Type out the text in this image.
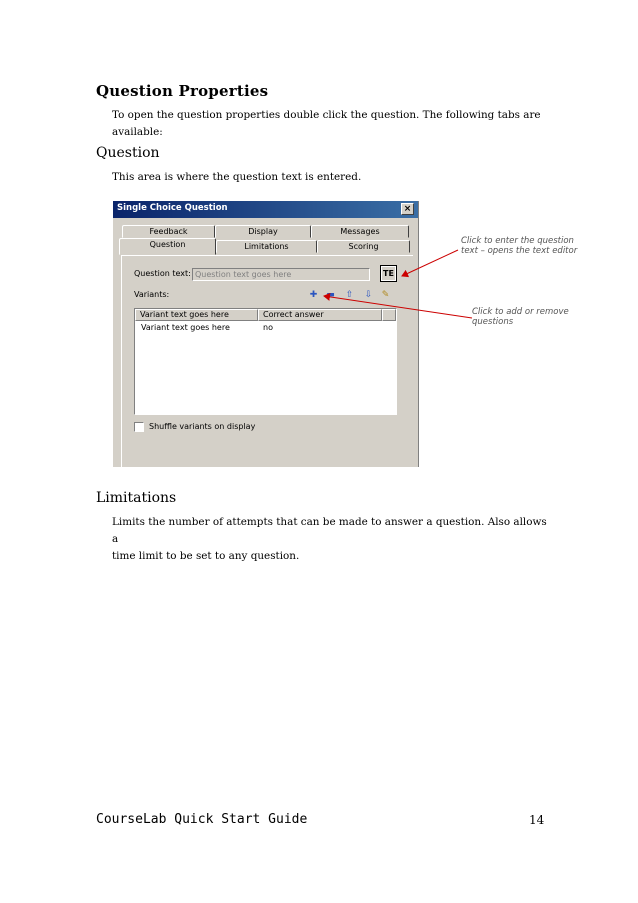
Question Properties
To open the question properties double click the question. The following tabs are
available:
Question
This area is where the question text is entered.
Single Choice Question	×
Feedback	Display	Messages
Question	Limitations	Scoring
Question text: Question text goes here	TE
Variants:	✚ ▬ ⇧ ⇩ ✎
Variant text goes here	Correct answer
Variant text goes here	no
Shuffle variants on display
Click to enter the question
text – opens the text editor
Click to add or remove
questions
Limitations
Limits the number of attempts that can be made to answer a question. Also allows a
time limit to be set to any question.
CourseLab Quick Start Guide	14
